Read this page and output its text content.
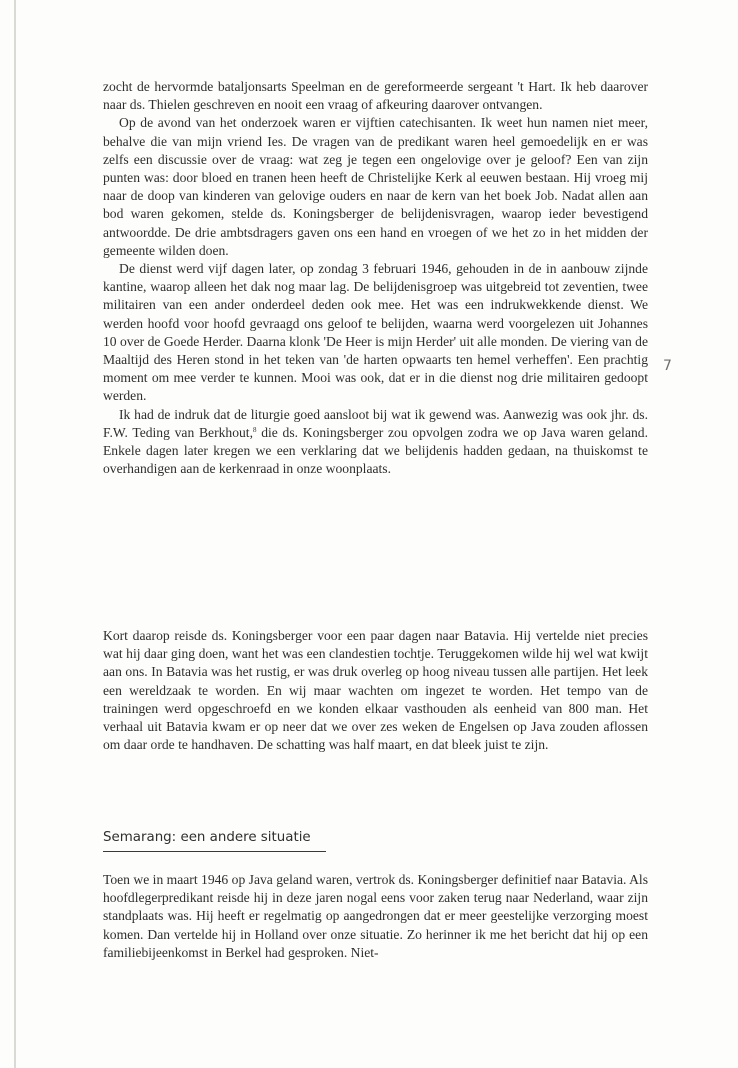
7

zocht de hervormde bataljonsarts Speelman en de gereformeerde sergeant 't Hart. Ik heb daarover naar ds. Thielen geschreven en nooit een vraag of afkeuring daarover ontvangen.

Op de avond van het onderzoek waren er vijftien catechisanten. Ik weet hun namen niet meer, behalve die van mijn vriend Ies. De vragen van de predikant waren heel gemoedelijk en er was zelfs een discussie over de vraag: wat zeg je tegen een ongelovige over je geloof? Een van zijn punten was: door bloed en tranen heen heeft de Christelijke Kerk al eeuwen bestaan. Hij vroeg mij naar de doop van kinderen van gelovige ouders en naar de kern van het boek Job. Nadat allen aan bod waren gekomen, stelde ds. Koningsberger de belijdenisvragen, waarop ieder bevestigend antwoordde. De drie ambtsdragers gaven ons een hand en vroegen of we het zo in het midden der gemeente wilden doen.

De dienst werd vijf dagen later, op zondag 3 februari 1946, gehouden in de in aanbouw zijnde kantine, waarop alleen het dak nog maar lag. De belijdenisgroep was uitgebreid tot zeventien, twee militairen van een ander onderdeel deden ook mee. Het was een indrukwekkende dienst. We werden hoofd voor hoofd gevraagd ons geloof te belijden, waarna werd voorgelezen uit Johannes 10 over de Goede Herder. Daarna klonk 'De Heer is mijn Herder' uit alle monden. De viering van de Maaltijd des Heren stond in het teken van 'de harten opwaarts ten hemel verheffen'. Een prachtig moment om mee verder te kunnen. Mooi was ook, dat er in die dienst nog drie militairen gedoopt werden.

Ik had de indruk dat de liturgie goed aansloot bij wat ik gewend was. Aanwezig was ook jhr. ds. F.W. Teding van Berkhout,$^8$ die ds. Koningsberger zou opvolgen zodra we op Java waren geland. Enkele dagen later kregen we een verklaring dat we belijdenis hadden gedaan, na thuiskomst te overhandigen aan de kerkenraad in onze woonplaats.

Kort daarop reisde ds. Koningsberger voor een paar dagen naar Batavia. Hij vertelde niet precies wat hij daar ging doen, want het was een clandestien tochtje. Teruggekomen wilde hij wel wat kwijt aan ons. In Batavia was het rustig, er was druk overleg op hoog niveau tussen alle partijen. Het leek een wereldzaak te worden. En wij maar wachten om ingezet te worden. Het tempo van de trainingen werd opgeschroefd en we konden elkaar vasthouden als eenheid van 800 man. Het verhaal uit Batavia kwam er op neer dat we over zes weken de Engelsen op Java zouden aflossen om daar orde te handhaven. De schatting was half maart, en dat bleek juist te zijn.

Semarang: een andere situatie

Toen we in maart 1946 op Java geland waren, vertrok ds. Koningsberger definitief naar Batavia. Als hoofdlegerpredikant reisde hij in deze jaren nogal eens voor zaken terug naar Nederland, waar zijn standplaats was. Hij heeft er regelmatig op aangedrongen dat er meer geestelijke verzorging moest komen. Dan vertelde hij in Holland over onze situatie. Zo herinner ik me het bericht dat hij op een familiebijeenkomst in Berkel had gesproken. Niet-
